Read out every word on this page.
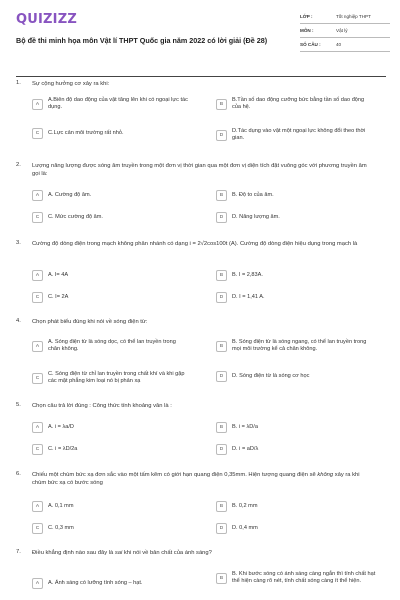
QUIZIZZ
Bộ đề thi minh họa môn Vật lí THPT Quốc gia năm 2022 có lời giải (Đề 28)
LỚP :	Tốt nghiệp THPT
MÔN :	Vật lý
SỐ CÂU :	40
1. Sự cộng hưởng cơ xảy ra khi:
A
A.Biên độ dao động của vật tăng lên khi có ngoại lực tác dụng.	B
B.Tần số dao động cưỡng bức bằng tần số dao động của hệ.
C	C.Lực cản môi trường rất nhỏ.	D
D.Tác dụng vào vật một ngoại lực không đổi theo thời gian.
2. Lượng năng lượng được sóng âm truyền trong một đơn vị thời gian qua một đơn vị diện tích đặt vuông góc với phương truyền âm gọi là:
A	A. Cường độ âm.	B	B. Độ to của âm.
C	C. Mức cường độ âm.	D	D. Năng lượng âm.
3. Cường độ dòng điện trong mạch không phân nhánh có dạng i = 2√2cos100t (A). Cường độ dòng điện hiệu dụng trong mạch là
A	A. I= 4A	B	B. I = 2,83A.
C	C. I= 2A	D	D. I = 1,41 A.
4. Chọn phát biểu đúng khi nói về sóng điện từ:
A
A. Sóng điện từ là sóng dọc, có thể lan truyền trong chân không.	B
B. Sóng điện từ là sóng ngang, có thể lan truyền trong mọi môi trường kể cả chân không.
C
C. Sóng điện từ chỉ lan truyền trong chất khí và khi gặp các mặt phẳng kim loại nó bị phản xạ
D	D. Sóng điện từ là sóng cơ học
5. Chọn câu trả lời đúng : Công thức tính khoảng vân là :
A	A. i = λa/D	B	B. i = λD/a
C	C. i = λD/2a	D	D. i = aD/λ
6. Chiếu một chùm bức xạ đơn sắc vào một tấm kẽm có giới hạn quang điện 0,35mm. Hiện tượng quang điện sẽ không xảy ra khi chùm bức xạ có bước sóng
A	A. 0,1 mm	B	B. 0,2 mm
C	C. 0,3 mm	D	D. 0,4 mm
7. Điều khẳng định nào sau đây là sai khi nói về bản chất của ánh sáng?
A	A. Ánh sáng có lưỡng tính sóng – hạt.
B
B. Khi bước sóng có ánh sáng càng ngắn thì tính chất hạt thể hiện càng rõ nét, tính chất sóng càng ít thể hiện.
